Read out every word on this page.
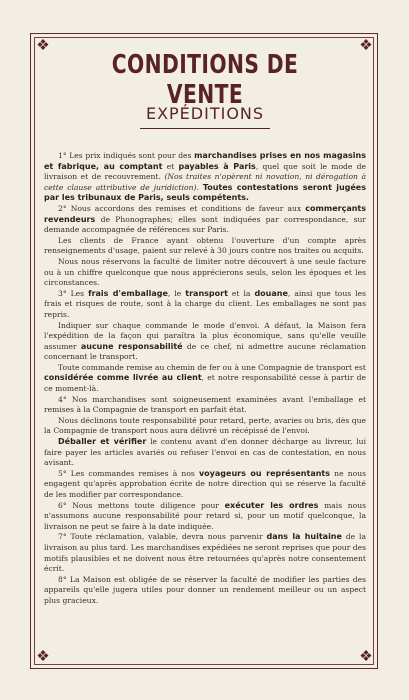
❖	❖
❖	❖
CONDITIONS DE VENTE
EXPÉDITIONS

1° Les prix indiqués sont pour des marchandises prises en nos magasins et fabrique, au comptant et payables à Paris, quel que soit le mode de livraison et de recouvrement. (Nos traites n'opèrent ni novation, ni dérogation à cette clause attributive de juridiction). Toutes contestations seront jugées par les tribunaux de Paris, seuls compétents.

2° Nous accordons des remises et conditions de faveur aux commerçants revendeurs de Phonographes; elles sont indiquées par correspondance, sur demande accompagnée de références sur Paris.

Les clients de France ayant obtenu l'ouverture d'un compte après renseignements d'usage, paient sur relevé à 30 jours contre nos traites ou acquits.

Nous nous réservons la faculté de limiter notre découvert à une seule facture ou à un chiffre quelconque que nous apprécierons seuls, selon les époques et les circonstances.

3° Les frais d'emballage, le transport et la douane, ainsi que tous les frais et risques de route, sont à la charge du client. Les emballages ne sont pas repris.

Indiquer sur chaque commande le mode d'envoi. A défaut, la Maison fera l'expédition de la façon qui paraîtra la plus économique, sans qu'elle veuille assumer aucune responsabilité de ce chef, ni admettre aucune réclamation concernant le transport.

Toute commande remise au chemin de fer ou à une Compagnie de transport est considérée comme livrée au client, et notre responsabilité cesse à partir de ce moment-là.

4° Nos marchandises sont soigneusement examinées avant l'emballage et remises à la Compagnie de transport en parfait état.

Nous déclinons toute responsabilité pour retard, perte, avaries ou bris, dès que la Compagnie de transport nous aura délivré un récépissé de l'envoi.

Déballer et vérifier le contenu avant d'en donner décharge au livreur, lui faire payer les articles avariés ou refuser l'envoi en cas de contestation, en nous avisant.

5° Les commandes remises à nos voyageurs ou représentants ne nous engagent qu'après approbation écrite de notre direction qui se réserve la faculté de les modifier par correspondance.

6° Nous mettons toute diligence pour exécuter les ordres mais nous n'assumons aucune responsabilité pour retard si, pour un motif quelconque, la livraison ne peut se faire à la date indiquée.

7° Toute réclamation, valable, devra nous parvenir dans la huitaine de la livraison au plus tard. Les marchandises expédiées ne seront reprises que pour des motifs plausibles et ne doivent nous être retournées qu'après notre consentement écrit.

8° La Maison est obligée de se réserver la faculté de modifier les parties des appareils qu'elle jugera utiles pour donner un rendement meilleur ou un aspect plus gracieux.
